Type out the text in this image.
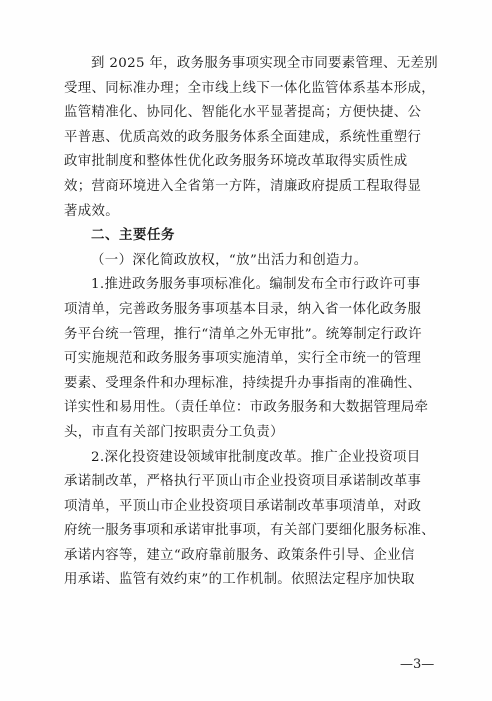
到 2025 年，政务服务事项实现全市同要素管理、无差别
受理、同标准办理；全市线上线下一体化监管体系基本形成，
监管精准化、协同化、智能化水平显著提高；方便快捷、公
平普惠、优质高效的政务服务体系全面建成，系统性重塑行
政审批制度和整体性优化政务服务环境改革取得实质性成
效；营商环境进入全省第一方阵，清廉政府提质工程取得显
著成效。
二、主要任务
（一）深化简政放权，“放”出活力和创造力。
1.推进政务服务事项标准化。编制发布全市行政许可事
项清单，完善政务服务事项基本目录，纳入省一体化政务服
务平台统一管理，推行“清单之外无审批”。统筹制定行政许
可实施规范和政务服务事项实施清单，实行全市统一的管理
要素、受理条件和办理标准，持续提升办事指南的准确性、
详实性和易用性。（责任单位：市政务服务和大数据管理局牵
头，市直有关部门按职责分工负责）
2.深化投资建设领域审批制度改革。推广企业投资项目
承诺制改革，严格执行平顶山市企业投资项目承诺制改革事
项清单，平顶山市企业投资项目承诺制改革事项清单，对政
府统一服务事项和承诺审批事项，有关部门要细化服务标准、
承诺内容等，建立“政府靠前服务、政策条件引导、企业信
用承诺、监管有效约束”的工作机制。依照法定程序加快取
—3—
